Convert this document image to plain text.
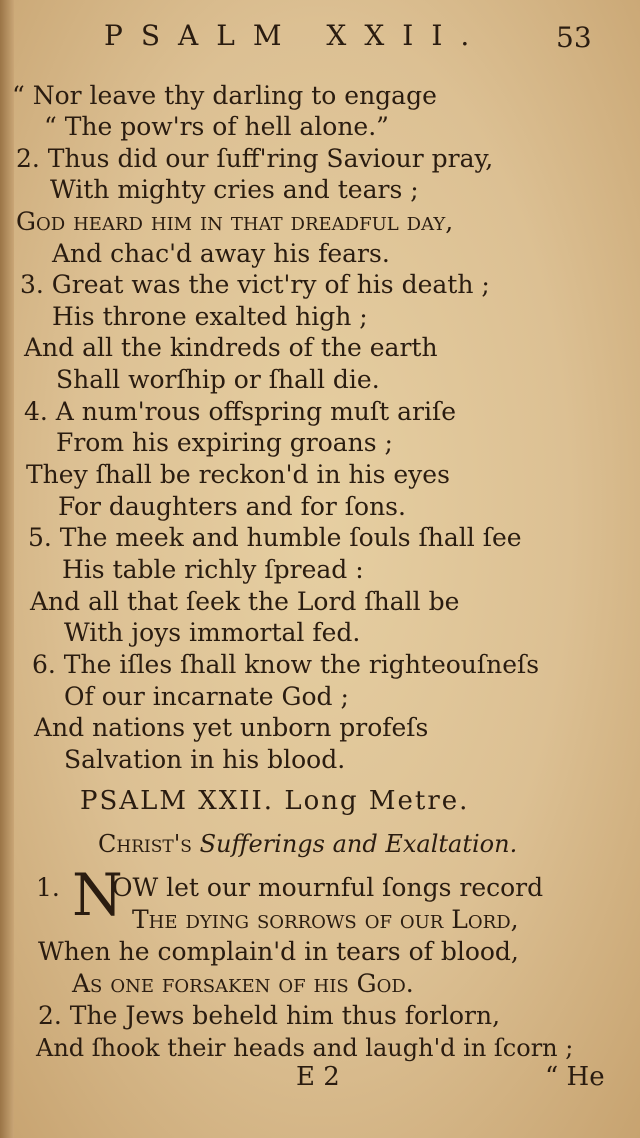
PSALM XXII. 53
“ Nor leave thy darling to engage
“ The pow'rs of hell alone.”
2. Thus did our ſuff'ring Saviour pray,
With mighty cries and tears ;
God heard him in that dreadful day,
And chac'd away his fears.
3. Great was the vict'ry of his death ;
His throne exalted high ;
And all the kindreds of the earth
Shall worſhip or ſhall die.
4. A num'rous offspring muſt ariſe
From his expiring groans ;
They ſhall be reckon'd in his eyes
For daughters and for ſons.
5. The meek and humble ſouls ſhall ſee
His table richly ſpread :
And all that ſeek the Lord ſhall be
With joys immortal fed.
6. The iſles ſhall know the righteouſneſs
Of our incarnate God ;
And nations yet unborn profeſs
Salvation in his blood.
PSALM XXII. Long Metre.
Christ's Sufferings and Exaltation.
1. N
OW let our mournful ſongs record
The dying ſorrows of our Lord,
When he complain'd in tears of blood,
As one forſaken of his God.
2. The Jews beheld him thus forlorn,
And ſhook their heads and laugh'd in ſcorn ;
E 2	“ He
